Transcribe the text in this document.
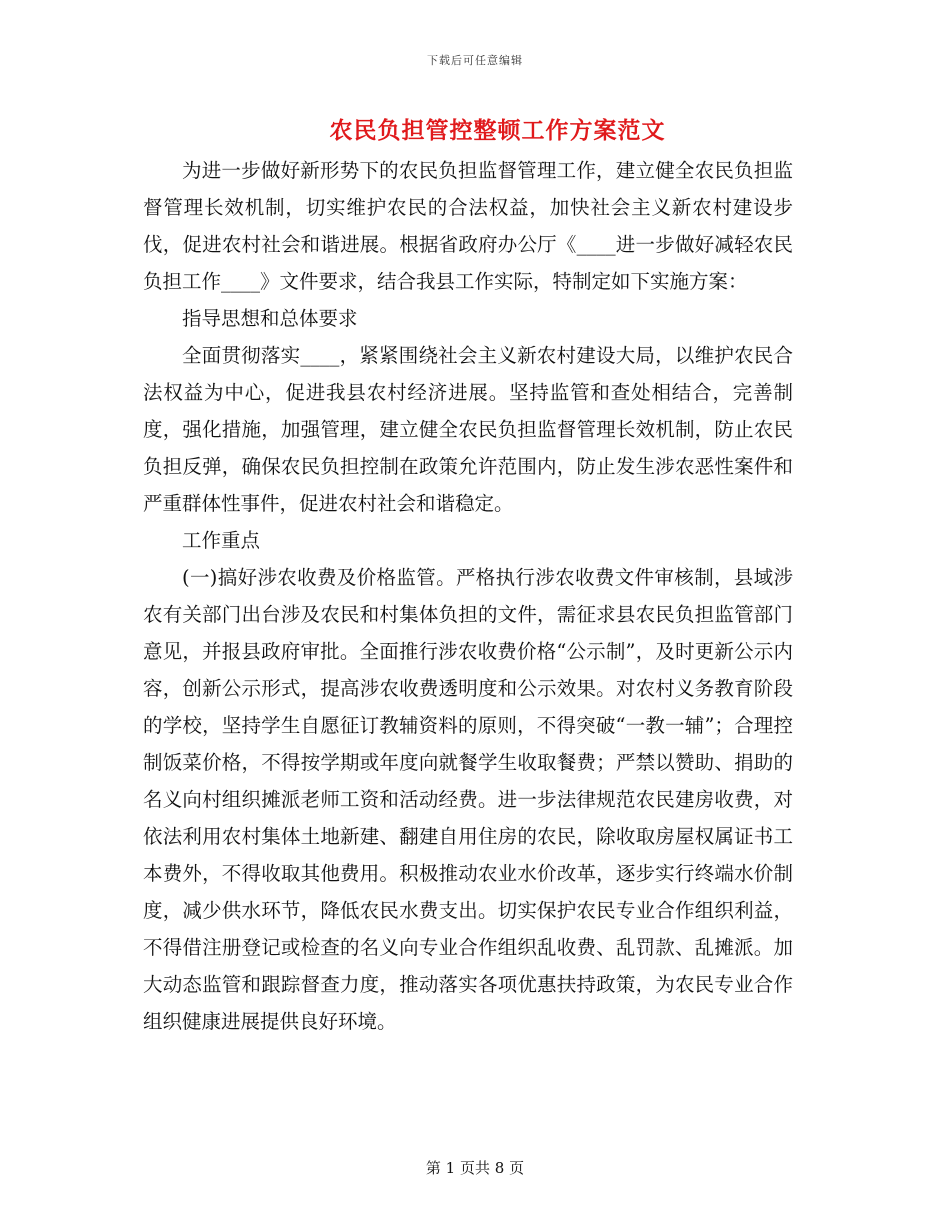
下载后可任意编辑
农民负担管控整顿工作方案范文

为进一步做好新形势下的农民负担监督管理工作，建立健全农民负担监督管理长效机制，切实维护农民的合法权益，加快社会主义新农村建设步伐，促进农村社会和谐进展。根据省政府办公厅《____进一步做好减轻农民负担工作____》文件要求，结合我县工作实际，特制定如下实施方案：

指导思想和总体要求

全面贯彻落实____，紧紧围绕社会主义新农村建设大局，以维护农民合法权益为中心，促进我县农村经济进展。坚持监管和查处相结合，完善制度，强化措施，加强管理，建立健全农民负担监督管理长效机制，防止农民负担反弹，确保农民负担控制在政策允许范围内，防止发生涉农恶性案件和严重群体性事件，促进农村社会和谐稳定。

工作重点

(一)搞好涉农收费及价格监管。严格执行涉农收费文件审核制，县域涉农有关部门出台涉及农民和村集体负担的文件，需征求县农民负担监管部门意见，并报县政府审批。全面推行涉农收费价格“公示制”，及时更新公示内容，创新公示形式，提高涉农收费透明度和公示效果。对农村义务教育阶段的学校，坚持学生自愿征订教辅资料的原则，不得突破“一教一辅”；合理控制饭菜价格，不得按学期或年度向就餐学生收取餐费；严禁以赞助、捐助的名义向村组织摊派老师工资和活动经费。进一步法律规范农民建房收费，对依法利用农村集体土地新建、翻建自用住房的农民，除收取房屋权属证书工本费外，不得收取其他费用。积极推动农业水价改革，逐步实行终端水价制度，减少供水环节，降低农民水费支出。切实保护农民专业合作组织利益，不得借注册登记或检查的名义向专业合作组织乱收费、乱罚款、乱摊派。加大动态监管和跟踪督查力度，推动落实各项优惠扶持政策，为农民专业合作组织健康进展提供良好环境。

第 1 页共 8 页
